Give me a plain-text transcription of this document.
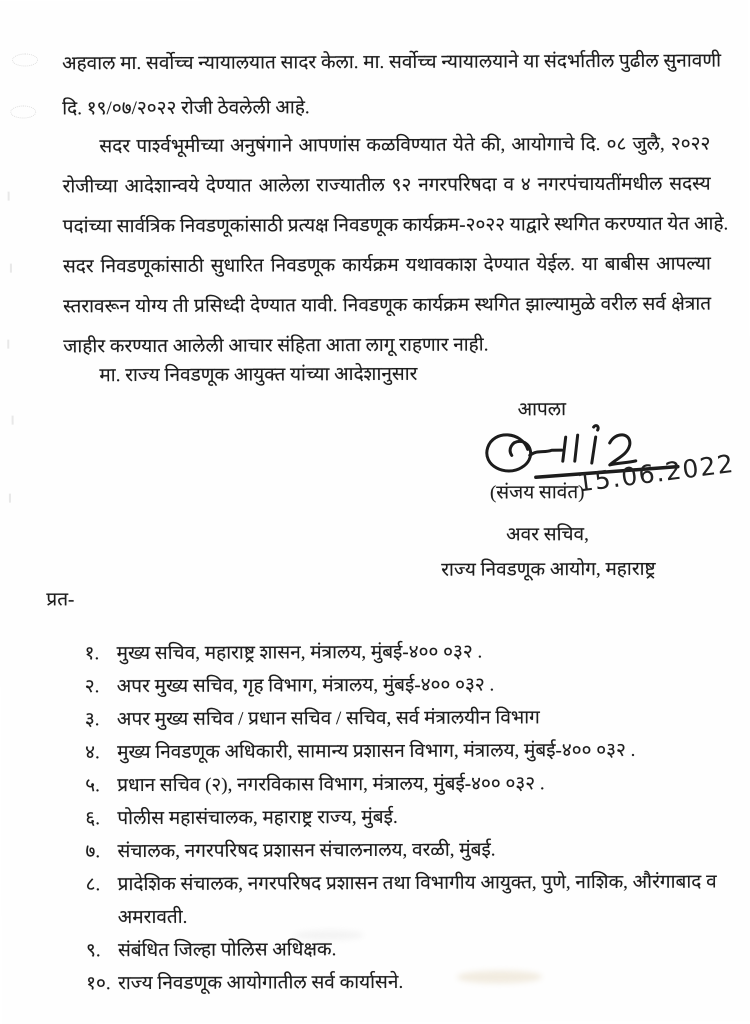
अहवाल मा. सर्वोच्च न्यायालयात सादर केला. मा. सर्वोच्च न्यायालयाने या संदर्भातील पुढील सुनावणी
दि. १९/०७/२०२२ रोजी ठेवलेली आहे.
सदर पार्श्वभूमीच्या अनुषंगाने आपणांस कळविण्यात येते की, आयोगाचे दि. ०८ जुलै, २०२२
रोजीच्या आदेशान्वये देण्यात आलेला राज्यातील ९२ नगरपरिषदा व ४ नगरपंचायतींमधील सदस्य
पदांच्या सार्वत्रिक निवडणूकांसाठी प्रत्यक्ष निवडणूक कार्यक्रम-२०२२ याद्वारे स्थगित करण्यात येत आहे.
सदर निवडणूकांसाठी सुधारित निवडणूक कार्यक्रम यथावकाश देण्यात येईल. या बाबीस आपल्या
स्तरावरून योग्य ती प्रसिध्दी देण्यात यावी. निवडणूक कार्यक्रम स्थगित झाल्यामुळे वरील सर्व क्षेत्रात
जाहीर करण्यात आलेली आचार संहिता आता लागू राहणार नाही.
मा. राज्य निवडणूक आयुक्त यांच्या आदेशानुसार
आपला
15.06.2022
(संजय सावंत)
अवर सचिव,
राज्य निवडणूक आयोग, महाराष्ट्र
प्रत-
१. मुख्य सचिव, महाराष्ट्र शासन, मंत्रालय, मुंबई-४०० ०३२ .
२. अपर मुख्य सचिव, गृह विभाग, मंत्रालय, मुंबई-४०० ०३२ .
३. अपर मुख्य सचिव / प्रधान सचिव / सचिव, सर्व मंत्रालयीन विभाग
४. मुख्य निवडणूक अधिकारी, सामान्य प्रशासन विभाग, मंत्रालय, मुंबई-४०० ०३२ .
५. प्रधान सचिव (२), नगरविकास विभाग, मंत्रालय, मुंबई-४०० ०३२ .
६. पोलीस महासंचालक, महाराष्ट्र राज्य, मुंबई.
७. संचालक, नगरपरिषद प्रशासन संचालनालय, वरळी, मुंबई.
८. प्रादेशिक संचालक, नगरपरिषद प्रशासन तथा विभागीय आयुक्त, पुणे, नाशिक, औरंगाबाद व अमरावती.
९. संबंधित जिल्हा पोलिस अधिक्षक.
१०. राज्य निवडणूक आयोगातील सर्व कार्यासने.
